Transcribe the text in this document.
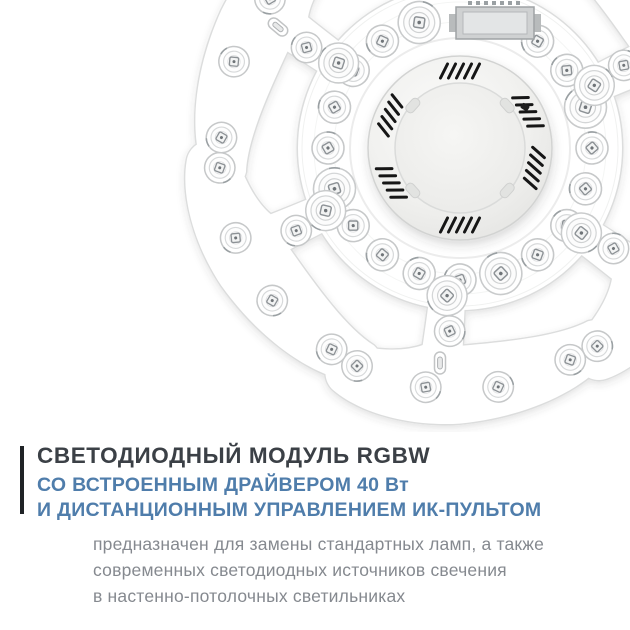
СВЕТОДИОДНЫЙ МОДУЛЬ RGBW
СО ВСТРОЕННЫМ ДРАЙВЕРОМ 40 Вт
И ДИСТАНЦИОННЫМ УПРАВЛЕНИЕМ ИК-ПУЛЬТОМ
предназначен для замены стандартных ламп, а также
современных светодиодных источников свечения
в настенно-потолочных светильниках
